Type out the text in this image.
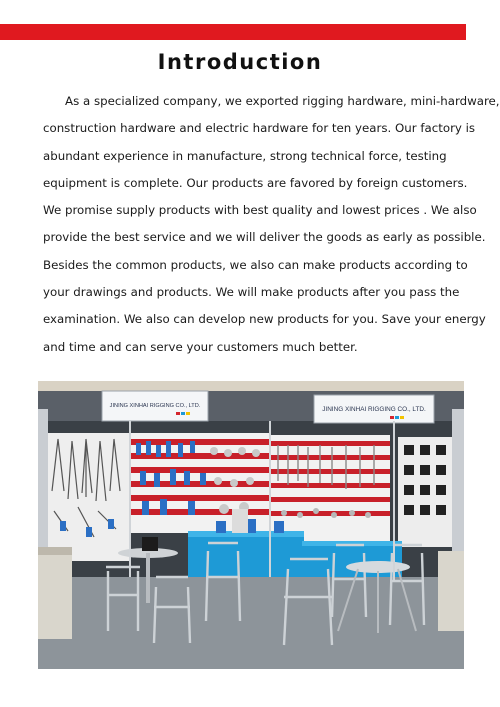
Introduction

As a specialized company, we exported rigging hardware, mini-hardware,
construction hardware and electric hardware for ten years. Our factory is
abundant experience in manufacture, strong technical force, testing
equipment is complete. Our products are favored by foreign customers.
We promise supply products with best quality and lowest prices . We also
provide the best service and we will deliver the goods as early as possible.
Besides the common products, we also can make products according to
your drawings and products. We will make products after you pass the
examination. We also can develop new products for you. Save your energy
and time and can serve your customers much better.

JINING XINHAI RIGGING CO., LTD.	JINING XINHAI RIGGING CO., LTD.
